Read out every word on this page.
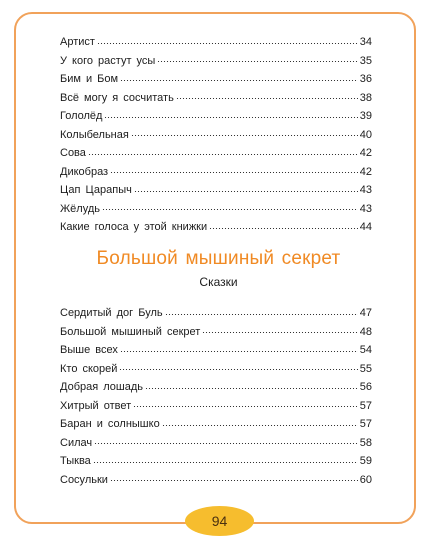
Артист	34
У кого растут усы	35
Бим и Бом	36
Всё могу я сосчитать	38
Гололёд	39
Колыбельная	40
Сова	42
Дикобраз	42
Цап Царапыч	43
Жёлудь	43
Какие голоса у этой книжки	44
Большой мышиный секрет
Сказки
Сердитый дог Буль	47
Большой мышиный секрет	48
Выше всех	54
Кто скорей	55
Добрая лошадь	56
Хитрый ответ	57
Баран и солнышко	57
Силач	58
Тыква	59
Сосульки	60
94
